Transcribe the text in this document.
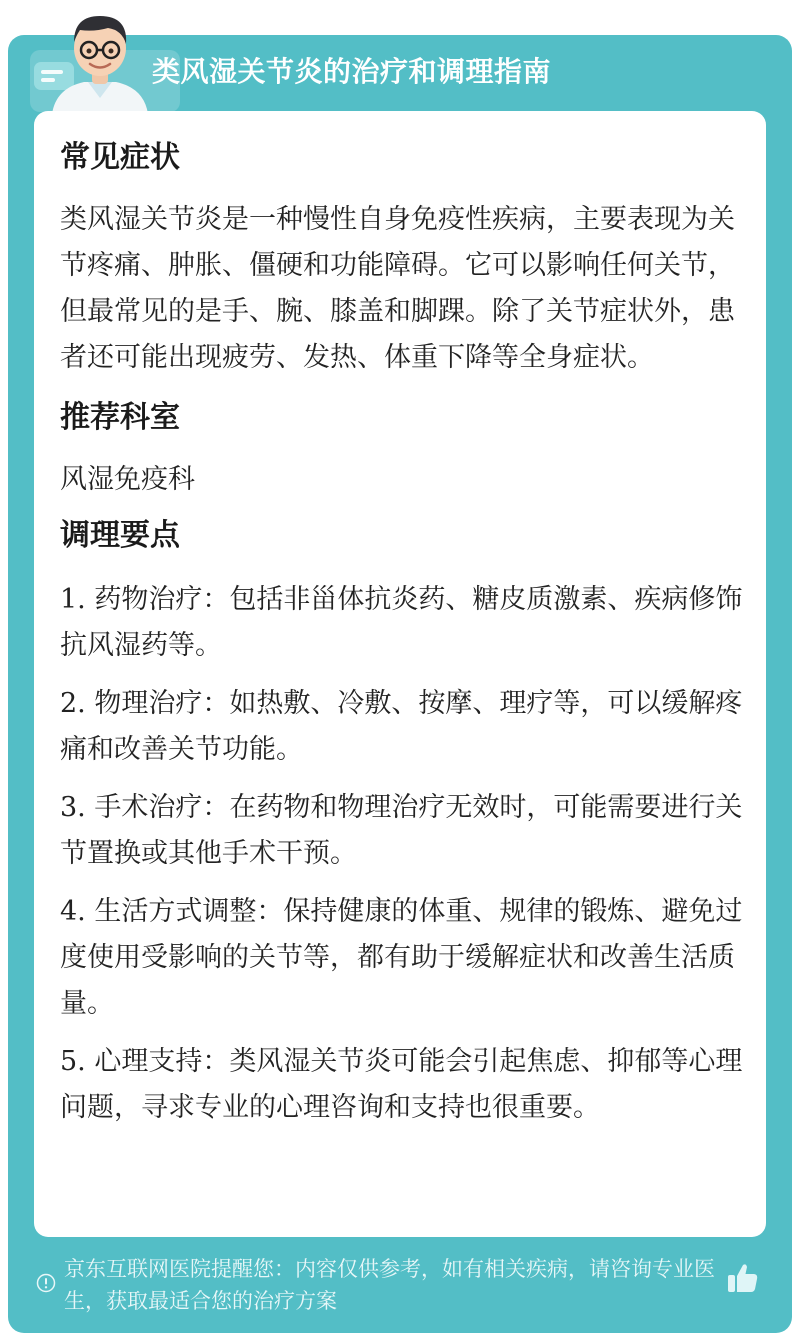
类风湿关节炎的治疗和调理指南
常见症状

类风湿关节炎是一种慢性自身免疫性疾病，主要表现为关节疼痛、肿胀、僵硬和功能障碍。它可以影响任何关节，但最常见的是手、腕、膝盖和脚踝。除了关节症状外，患者还可能出现疲劳、发热、体重下降等全身症状。

推荐科室

风湿免疫科

调理要点

1. 药物治疗：包括非甾体抗炎药、糖皮质激素、疾病修饰抗风湿药等。

2. 物理治疗：如热敷、冷敷、按摩、理疗等，可以缓解疼痛和改善关节功能。

3. 手术治疗：在药物和物理治疗无效时，可能需要进行关节置换或其他手术干预。

4. 生活方式调整：保持健康的体重、规律的锻炼、避免过度使用受影响的关节等，都有助于缓解症状和改善生活质量。

5. 心理支持：类风湿关节炎可能会引起焦虑、抑郁等心理问题，寻求专业的心理咨询和支持也很重要。

京东互联网医院提醒您：内容仅供参考，如有相关疾病，请咨询专业医生，获取最适合您的治疗方案
